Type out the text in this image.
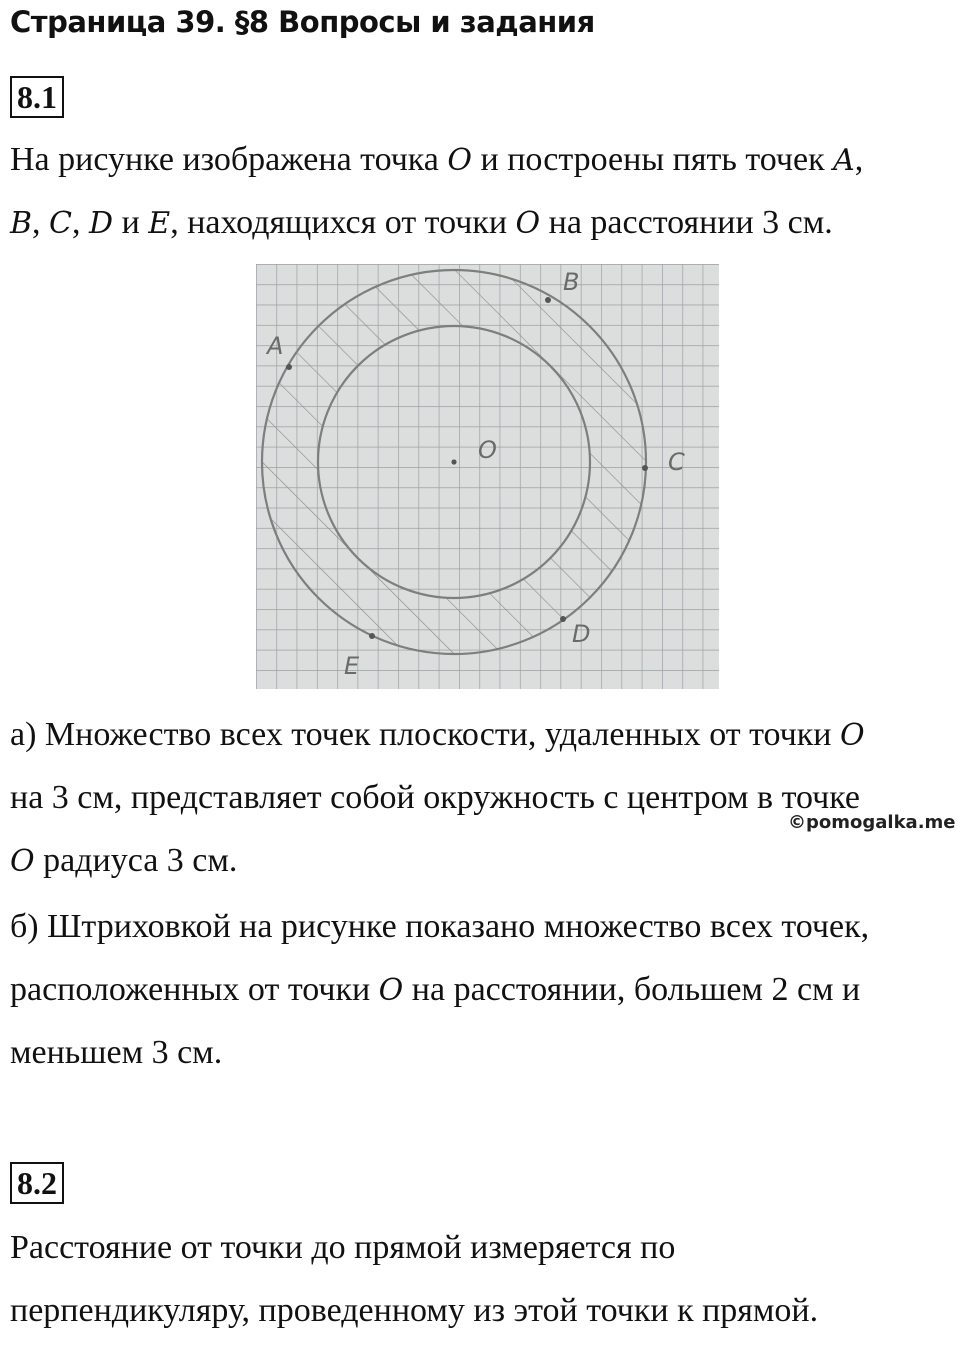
Страница 39. §8 Вопросы и задания
8.1
На рисунке изображена точка O и построены пять точек A,
B, C, D и E, находящихся от точки O на расстоянии 3 см.
A
B
C
D
E
O
а) Множество всех точек плоскости, удаленных от точки O
на 3 см, представляет собой окружность с центром в точке
©pomogalka.me
O радиуса 3 см.
б) Штриховкой на рисунке показано множество всех точек,
расположенных от точки O на расстоянии, большем 2 см и
меньшем 3 см.
8.2
Расстояние от точки до прямой измеряется по
перпендикуляру, проведенному из этой точки к прямой.
